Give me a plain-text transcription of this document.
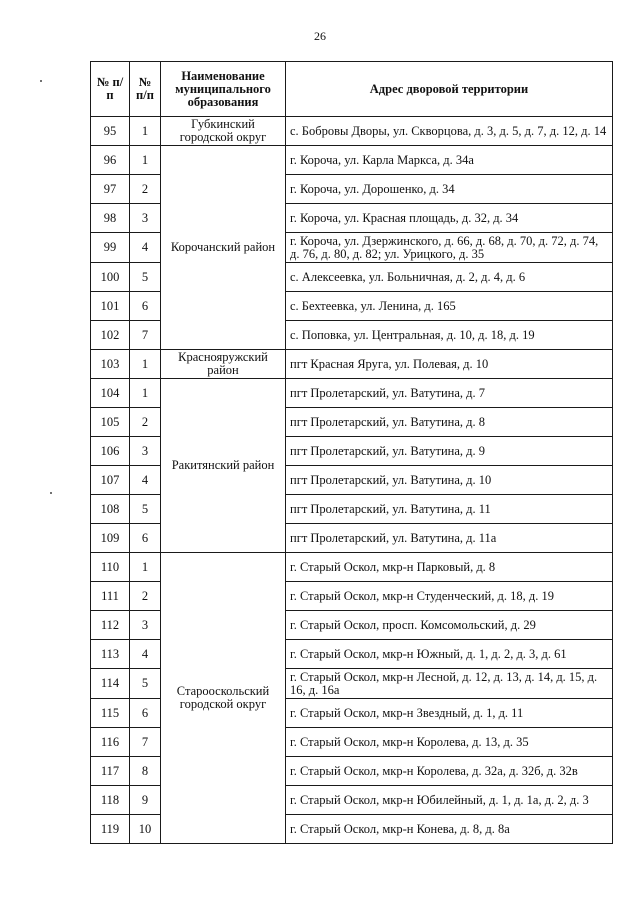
26
№ п/п	№ п/п	Наименование муниципального образования	Адрес дворовой территории
95	1	Губкинский городской округ	с. Бобровы Дворы, ул. Скворцова, д. 3, д. 5, д. 7, д. 12, д. 14
96	1	Корочанский район	г. Короча, ул. Карла Маркса, д. 34а
97	2		г. Короча, ул. Дорошенко, д. 34
98	3		г. Короча, ул. Красная площадь, д. 32, д. 34
99	4		г. Короча, ул. Дзержинского, д. 66, д. 68, д. 70, д. 72, д. 74, д. 76, д. 80, д. 82; ул. Урицкого, д. 35
100	5		с. Алексеевка, ул. Больничная, д. 2, д. 4, д. 6
101	6		с. Бехтеевка, ул. Ленина, д. 165
102	7		с. Поповка, ул. Центральная, д. 10, д. 18, д. 19
103	1	Краснояружский район	пгт Красная Яруга, ул. Полевая, д. 10
104	1	Ракитянский район	пгт Пролетарский, ул. Ватутина, д. 7
105	2		пгт Пролетарский, ул. Ватутина, д. 8
106	3		пгт Пролетарский, ул. Ватутина, д. 9
107	4		пгт Пролетарский, ул. Ватутина, д. 10
108	5		пгт Пролетарский, ул. Ватутина, д. 11
109	6		пгт Пролетарский, ул. Ватутина, д. 11а
110	1	Старооскольский городской округ	г. Старый Оскол, мкр-н Парковый, д. 8
111	2		г. Старый Оскол, мкр-н Студенческий, д. 18, д. 19
112	3		г. Старый Оскол, просп. Комсомольский, д. 29
113	4		г. Старый Оскол, мкр-н Южный, д. 1, д. 2, д. 3, д. 61
114	5		г. Старый Оскол, мкр-н Лесной, д. 12, д. 13, д. 14, д. 15, д. 16, д. 16а
115	6		г. Старый Оскол, мкр-н Звездный, д. 1, д. 11
116	7		г. Старый Оскол, мкр-н Королева, д. 13, д. 35
117	8		г. Старый Оскол, мкр-н Королева, д. 32а, д. 32б, д. 32в
118	9		г. Старый Оскол, мкр-н Юбилейный, д. 1, д. 1а, д. 2, д. 3
119	10		г. Старый Оскол, мкр-н Конева, д. 8, д. 8а
